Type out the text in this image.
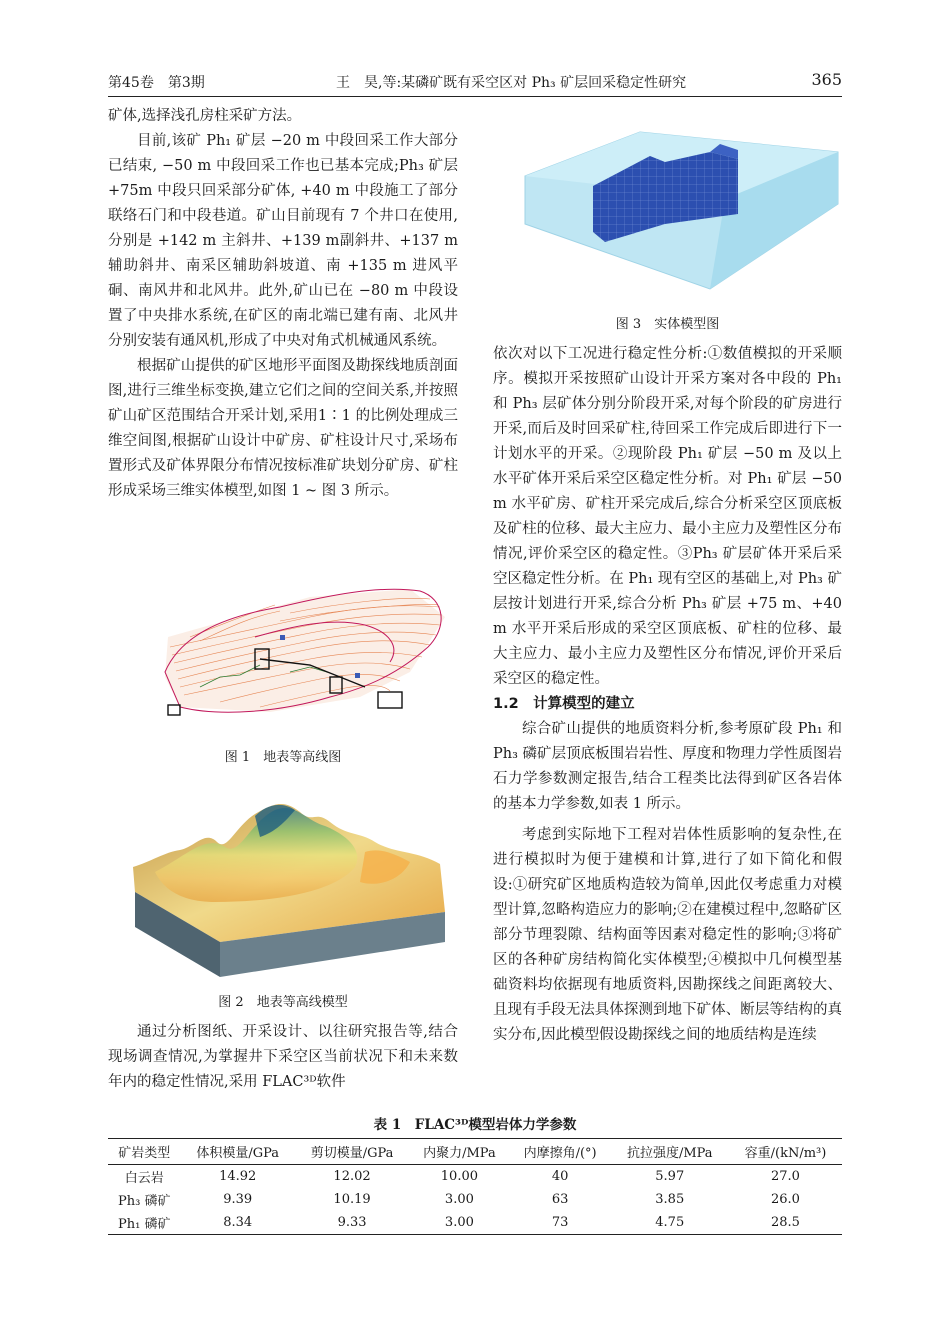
第45卷　第3期	王　昊,等:某磷矿既有采空区对 Ph₃ 矿层回采稳定性研究	365

矿体,选择浅孔房柱采矿方法。

目前,该矿 Ph₁ 矿层 −20 m 中段回采工作大部分已结束, −50 m 中段回采工作也已基本完成;Ph₃ 矿层 +75m 中段只回采部分矿体, +40 m 中段施工了部分联络石门和中段巷道。矿山目前现有 7 个井口在使用,分别是 +142 m 主斜井、+139 m副斜井、+137 m 辅助斜井、南采区辅助斜坡道、南 +135 m 进风平硐、南风井和北风井。此外,矿山已在 −80 m 中段设置了中央排水系统,在矿区的南北端已建有南、北风井分别安装有通风机,形成了中央对角式机械通风系统。

根据矿山提供的矿区地形平面图及勘探线地质剖面图,进行三维坐标变换,建立它们之间的空间关系,并按照矿山矿区范围结合开采计划,采用1∶1 的比例处理成三维空间图,根据矿山设计中矿房、矿柱设计尺寸,采场布置形式及矿体界限分布情况按标准矿块划分矿房、矿柱形成采场三维实体模型,如图 1 ~ 图 3 所示。

图 1　地表等高线图
图 2　地表等高线模型

通过分析图纸、开采设计、以往研究报告等,结合现场调查情况,为掌握井下采空区当前状况下和未来数年内的稳定性情况,采用 FLAC³ᴰ软件

图 3　实体模型图

依次对以下工况进行稳定性分析:①数值模拟的开采顺序。模拟开采按照矿山设计开采方案对各中段的 Ph₁ 和 Ph₃ 层矿体分别分阶段开采,对每个阶段的矿房进行开采,而后及时回采矿柱,待回采工作完成后即进行下一计划水平的开采。②现阶段 Ph₁ 矿层 −50 m 及以上水平矿体开采后采空区稳定性分析。对 Ph₁ 矿层 −50 m 水平矿房、矿柱开采完成后,综合分析采空区顶底板及矿柱的位移、最大主应力、最小主应力及塑性区分布情况,评价采空区的稳定性。③Ph₃ 矿层矿体开采后采空区稳定性分析。在 Ph₁ 现有空区的基础上,对 Ph₃ 矿层按计划进行开采,综合分析 Ph₃ 矿层 +75 m、+40 m 水平开采后形成的采空区顶底板、矿柱的位移、最大主应力、最小主应力及塑性区分布情况,评价开采后采空区的稳定性。

1.2　计算模型的建立

综合矿山提供的地质资料分析,参考原矿段 Ph₁ 和 Ph₃ 磷矿层顶底板围岩岩性、厚度和物理力学性质图岩石力学参数测定报告,结合工程类比法得到矿区各岩体的基本力学参数,如表 1 所示。

考虑到实际地下工程对岩体性质影响的复杂性,在进行模拟时为便于建模和计算,进行了如下简化和假设:①研究矿区地质构造较为简单,因此仅考虑重力对模型计算,忽略构造应力的影响;②在建模过程中,忽略矿区部分节理裂隙、结构面等因素对稳定性的影响;③将矿区的各种矿房结构简化实体模型;④模拟中几何模型基础资料均依据现有地质资料,因勘探线之间距离较大、且现有手段无法具体探测到地下矿体、断层等结构的真实分布,因此模型假设勘探线之间的地质结构是连续

表 1　FLAC³ᴰ模型岩体力学参数
矿岩类型	体积模量/GPa	剪切模量/GPa	内聚力/MPa	内摩擦角/(°)	抗拉强度/MPa	容重/(kN/m³)
白云岩	14.92	12.02	10.00	40	5.97	27.0
Ph₃ 磷矿	9.39	10.19	3.00	63	3.85	26.0
Ph₁ 磷矿	8.34	9.33	3.00	73	4.75	28.5
